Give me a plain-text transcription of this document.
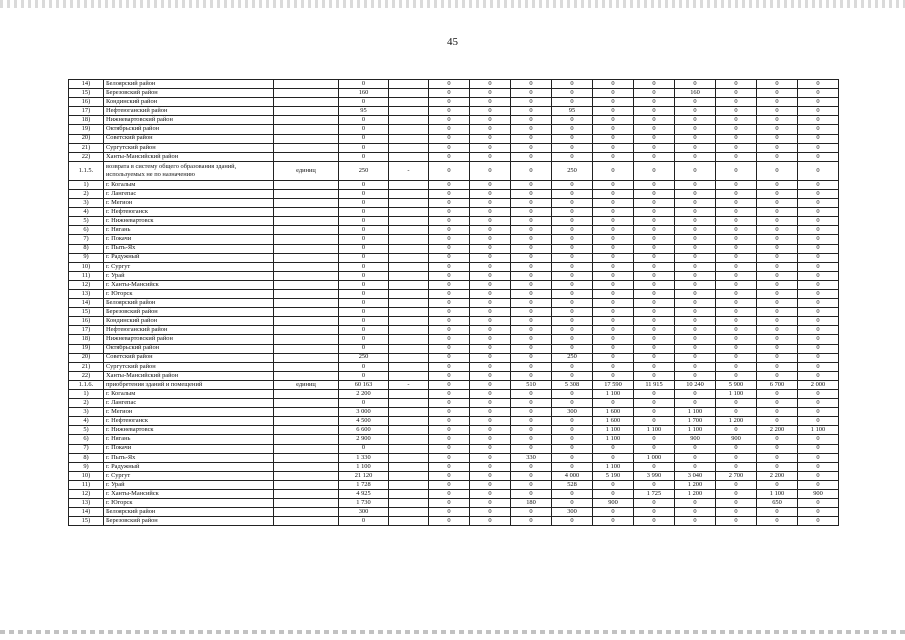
45
14)	Белоярский район		0		0	0	0	0	0	0	0	0	0	0
15)	Березовский район		160		0	0	0	0	0	0	160	0	0	0
16)	Кондинский район		0		0	0	0	0	0	0	0	0	0	0
17)	Нефтеюганский район		95		0	0	0	95	0	0	0	0	0	0
18)	Нижневартовский район		0		0	0	0	0	0	0	0	0	0	0
19)	Октябрьский район		0		0	0	0	0	0	0	0	0	0	0
20)	Советский район		0		0	0	0	0	0	0	0	0	0	0
21)	Сургутский район		0		0	0	0	0	0	0	0	0	0	0
22)	Ханты-Мансийский район		0		0	0	0	0	0	0	0	0	0	0
1.1.5.	возврата в систему общего образования зданий, используемых не по назначению	единиц	250	-	0	0	0	250	0	0	0	0	0	0
1)	г. Когалым		0		0	0	0	0	0	0	0	0	0	0
2)	г. Лангепас		0		0	0	0	0	0	0	0	0	0	0
3)	г. Мегион		0		0	0	0	0	0	0	0	0	0	0
4)	г. Нефтеюганск		0		0	0	0	0	0	0	0	0	0	0
5)	г. Нижневартовск		0		0	0	0	0	0	0	0	0	0	0
6)	г. Нягань		0		0	0	0	0	0	0	0	0	0	0
7)	г. Покачи		0		0	0	0	0	0	0	0	0	0	0
8)	г. Пыть-Ях		0		0	0	0	0	0	0	0	0	0	0
9)	г. Радужный		0		0	0	0	0	0	0	0	0	0	0
10)	г. Сургут		0		0	0	0	0	0	0	0	0	0	0
11)	г. Урай		0		0	0	0	0	0	0	0	0	0	0
12)	г. Ханты-Мансийск		0		0	0	0	0	0	0	0	0	0	0
13)	г. Югорск		0		0	0	0	0	0	0	0	0	0	0
14)	Белоярский район		0		0	0	0	0	0	0	0	0	0	0
15)	Березовский район		0		0	0	0	0	0	0	0	0	0	0
16)	Кондинский район		0		0	0	0	0	0	0	0	0	0	0
17)	Нефтеюганский район		0		0	0	0	0	0	0	0	0	0	0
18)	Нижневартовский район		0		0	0	0	0	0	0	0	0	0	0
19)	Октябрьский район		0		0	0	0	0	0	0	0	0	0	0
20)	Советский район		250		0	0	0	250	0	0	0	0	0	0
21)	Сургутский район		0		0	0	0	0	0	0	0	0	0	0
22)	Ханты-Мансийский район		0		0	0	0	0	0	0	0	0	0	0
1.1.6.	приобретения зданий и помещений	единиц	60 163	-	0	0	510	5 308	17 590	11 915	10 240	5 900	6 700	2 000
1)	г. Когалым		2 200		0	0	0	0	1 100	0	0	1 100	0	0
2)	г. Лангепас		0		0	0	0	0	0	0	0	0	0	0
3)	г. Мегион		3 000		0	0	0	300	1 600	0	1 100	0	0	0
4)	г. Нефтеюганск		4 500		0	0	0	0	1 600	0	1 700	1 200	0	0
5)	г. Нижневартовск		6 600		0	0	0	0	1 100	1 100	1 100	0	2 200	1 100
6)	г. Нягань		2 900		0	0	0	0	1 100	0	900	900	0	0
7)	г. Покачи		0		0	0	0	0	0	0	0	0	0	0
8)	г. Пыть-Ях		1 330		0	0	330	0	0	1 000	0	0	0	0
9)	г. Радужный		1 100		0	0	0	0	1 100	0	0	0	0	0
10)	г. Сургут		21 120		0	0	0	4 000	5 190	3 990	3 040	2 700	2 200	0
11)	г. Урай		1 728		0	0	0	528	0	0	1 200	0	0	0
12)	г. Ханты-Мансийск		4 925		0	0	0	0	0	1 725	1 200	0	1 100	900
13)	г. Югорск		1 730		0	0	180	0	900	0	0	0	650	0
14)	Белоярский район		300		0	0	0	300	0	0	0	0	0	0
15)	Березовский район		0		0	0	0	0	0	0	0	0	0	0
